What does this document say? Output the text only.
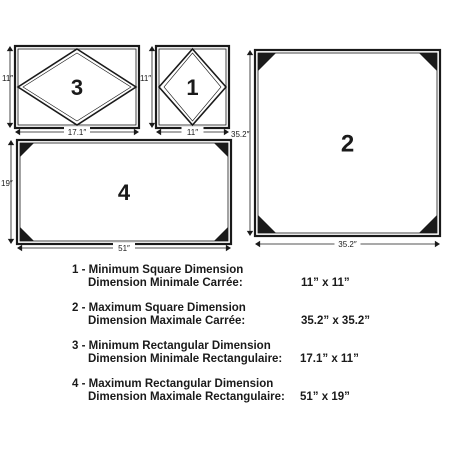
3
17.1″
11″	1
11″
11″
2
35.2″
35.2″
4
51″
19″
1 - Minimum Square Dimension
Dimension Minimale Carrée:	11” x 11”
2 - Maximum Square Dimension
Dimension Maximale Carrée:	35.2” x 35.2”
3 - Minimum Rectangular Dimension
Dimension Minimale Rectangulaire: 17.1” x 11”
4 - Maximum Rectangular Dimension
Dimension Maximale Rectangulaire: 51” x 19”
